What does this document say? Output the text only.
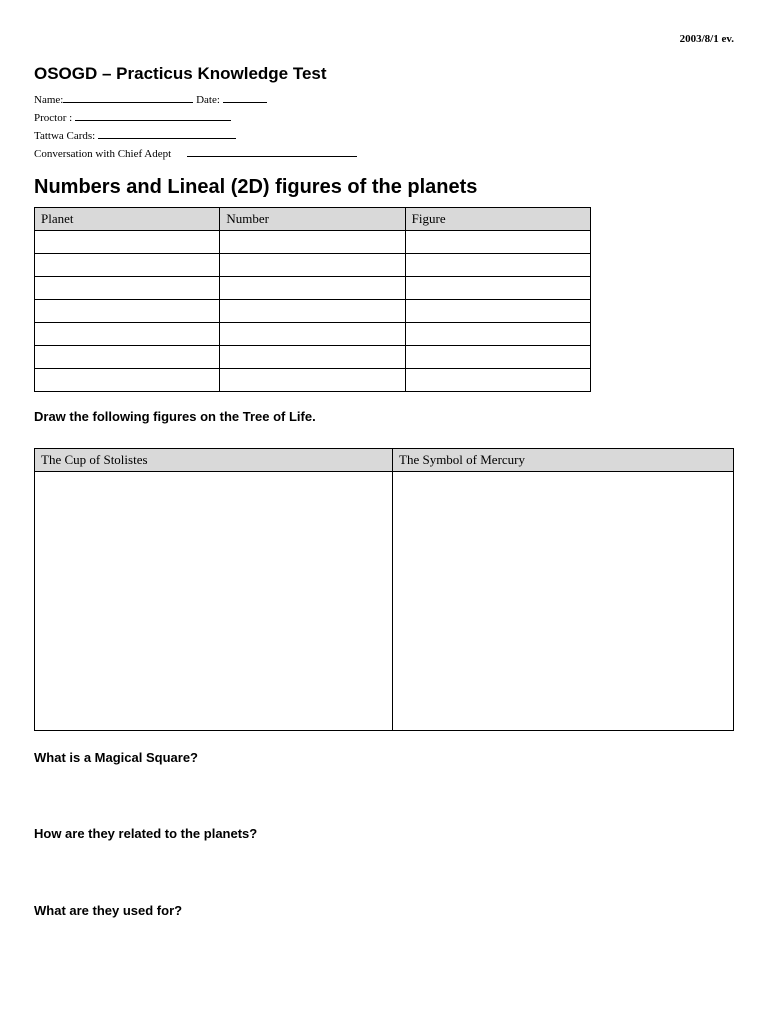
2003/8/1 ev.
OSOGD – Practicus Knowledge Test
Name:	Date:
Proctor :
Tattwa Cards:
Conversation with Chief Adept
Numbers and Lineal (2D) figures of the planets
Planet	Number	Figure

Draw the following figures on the Tree of Life.
The Cup of Stolistes	The Symbol of Mercury

What is a Magical Square?
How are they related to the planets?
What are they used for?
